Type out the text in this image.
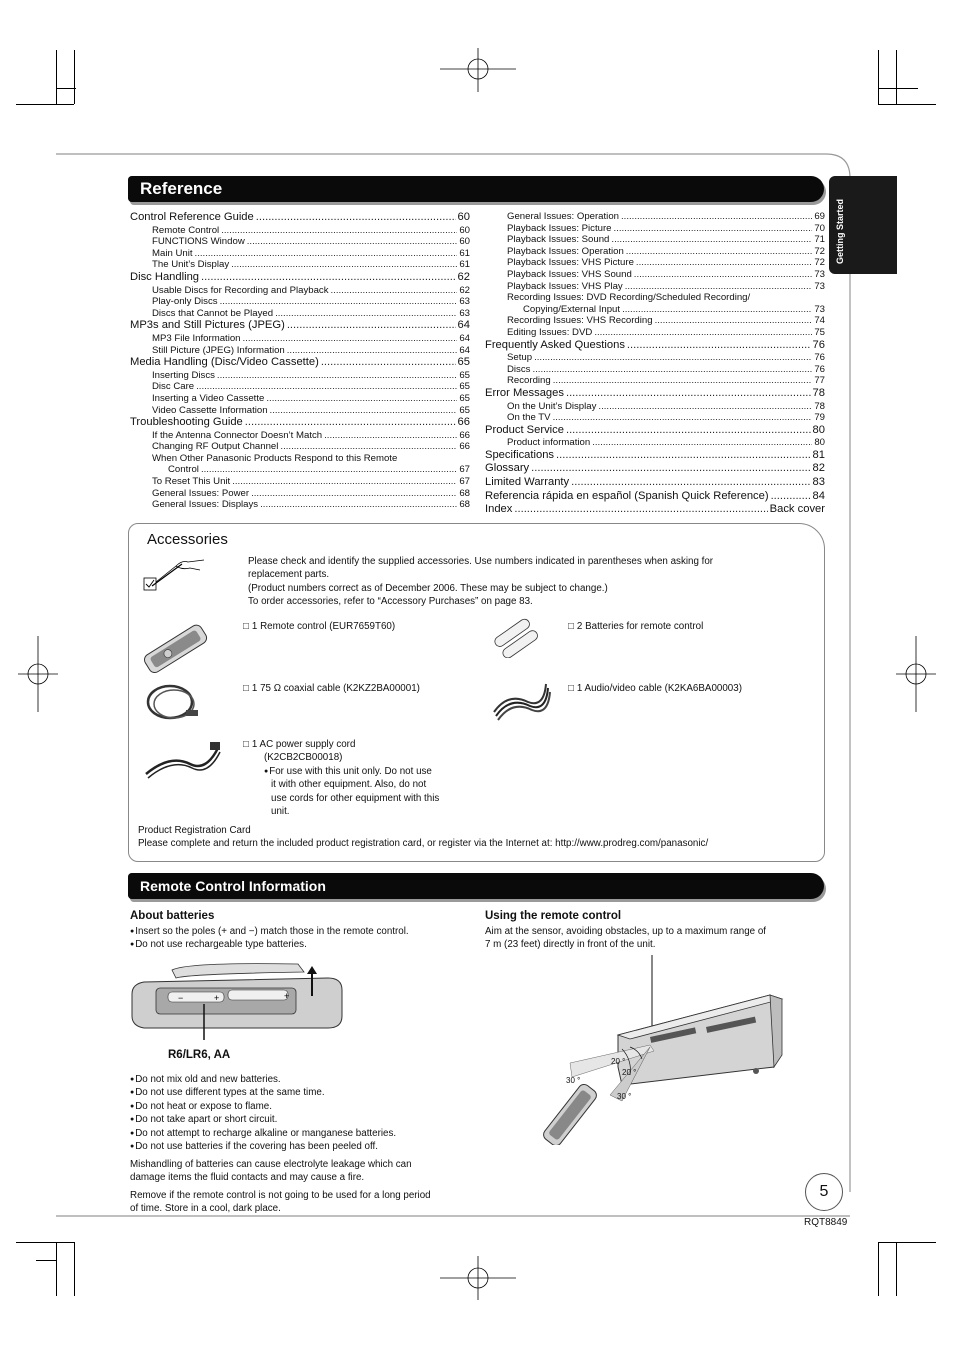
Getting Started
Reference
Control Reference Guide .....	60
Remote Control .....	60
FUNCTIONS Window .....	60
Main Unit .....	61
The Unit’s Display .....	61
Disc Handling .....	62
Usable Discs for Recording and Playback .....	62
Play-only Discs .....	63
Discs that Cannot be Played .....	63
MP3s and Still Pictures (JPEG) .....	64
MP3 File Information .....	64
Still Picture (JPEG) Information .....	64
Media Handling (Disc/Video Cassette) .....	65
Inserting Discs .....	65
Disc Care .....	65
Inserting a Video Cassette .....	65
Video Cassette Information .....	65
Troubleshooting Guide .....	66
If the Antenna Connector Doesn’t Match .....	66
Changing RF Output Channel .....	66
When Other Panasonic Products Respond to this Remote
Control .....	67
To Reset This Unit .....	67
General Issues: Power .....	68
General Issues: Displays .....	68
General Issues: Operation .....	69
Playback Issues: Picture .....	70
Playback Issues: Sound .....	71
Playback Issues: Operation .....	72
Playback Issues: VHS Picture .....	72
Playback Issues: VHS Sound .....	73
Playback Issues: VHS Play .....	73
Recording Issues: DVD Recording/Scheduled Recording/
Copying/External Input .....	73
Recording Issues: VHS Recording .....	74
Editing Issues: DVD .....	75
Frequently Asked Questions .....	76
Setup .....	76
Discs .....	76
Recording .....	77
Error Messages .....	78
On the Unit’s Display .....	78
On the TV .....	79
Product Service .....	80
Product information .....	80
Specifications .....	81
Glossary .....	82
Limited Warranty .....	83
Referencia rápida en español (Spanish Quick Reference) .....	84
Index .....	Back cover
Accessories
Please check and identify the supplied accessories. Use numbers indicated in parentheses when asking for
replacement parts.
(Product numbers correct as of December 2006. These may be subject to change.)
To order accessories, refer to “Accessory Purchases” on page 83.
□ 1 Remote control (EUR7659T60)	□ 2 Batteries for remote control
□ 1 75 Ω coaxial cable (K2KZ2BA00001)	□ 1 Audio/video cable (K2KA6BA00003)
□ 1 AC power supply cord
(K2CB2CB00018)
● For use with this unit only. Do not use
it with other equipment. Also, do not
use cords for other equipment with this
unit.
Product Registration Card
Please complete and return the included product registration card, or register via the Internet at: http://www.prodreg.com/panasonic/
Remote Control Information
About batteries
● Insert so the poles (+ and −) match those in the remote control.
● Do not use rechargeable type batteries.
−	+	+
R6/LR6, AA
● Do not mix old and new batteries.
● Do not use different types at the same time.
● Do not heat or expose to flame.
● Do not take apart or short circuit.
● Do not attempt to recharge alkaline or manganese batteries.
● Do not use batteries if the covering has been peeled off.
Mishandling of batteries can cause electrolyte leakage which can
damage items the fluid contacts and may cause a fire.
Remove if the remote control is not going to be used for a long period
of time. Store in a cool, dark place.
Using the remote control
Aim at the sensor, avoiding obstacles, up to a maximum range of
7 m (23 feet) directly in front of the unit.
20 °
20 °
30 °
30 °
5
RQT8849
